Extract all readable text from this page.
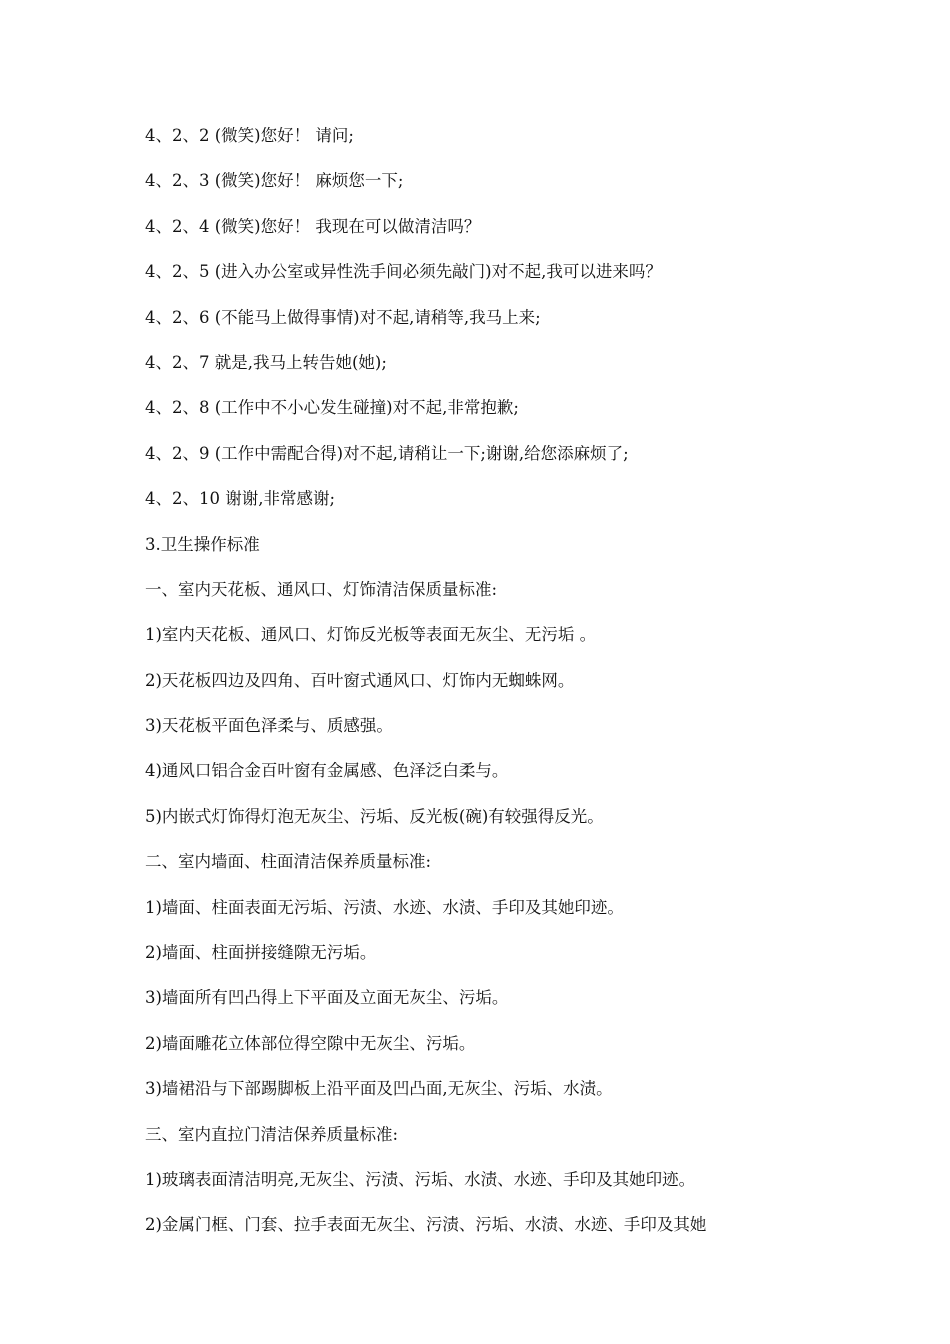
4、2、2 (微笑)您好！ 请问;
4、2、3 (微笑)您好！ 麻烦您一下;
4、2、4 (微笑)您好！ 我现在可以做清洁吗？
4、2、5 (进入办公室或异性洗手间必须先敲门)对不起,我可以进来吗？
4、2、6 (不能马上做得事情)对不起,请稍等,我马上来;
4、2、7 就是,我马上转告她(她);
4、2、8 (工作中不小心发生碰撞)对不起,非常抱歉;
4、2、9 (工作中需配合得)对不起,请稍让一下;谢谢,给您添麻烦了;
4、2、10 谢谢,非常感谢;
3.卫生操作标准
一、室内天花板、通风口、灯饰清洁保质量标准:
1)室内天花板、通风口、灯饰反光板等表面无灰尘、无污垢 。
2)天花板四边及四角、百叶窗式通风口、灯饰内无蜘蛛网。
3)天花板平面色泽柔与、质感强。
4)通风口铝合金百叶窗有金属感、色泽泛白柔与。
5)内嵌式灯饰得灯泡无灰尘、污垢、反光板(碗)有较强得反光。
二、室内墙面、柱面清洁保养质量标准:
1)墙面、柱面表面无污垢、污渍、水迹、水渍、手印及其她印迹。
2)墙面、柱面拼接缝隙无污垢。
3)墙面所有凹凸得上下平面及立面无灰尘、污垢。
2)墙面雕花立体部位得空隙中无灰尘、污垢。
3)墙裙沿与下部踢脚板上沿平面及凹凸面,无灰尘、污垢、水渍。
三、室内直拉门清洁保养质量标准:
1)玻璃表面清洁明亮,无灰尘、污渍、污垢、水渍、水迹、手印及其她印迹。
2)金属门框、门套、拉手表面无灰尘、污渍、污垢、水渍、水迹、手印及其她
